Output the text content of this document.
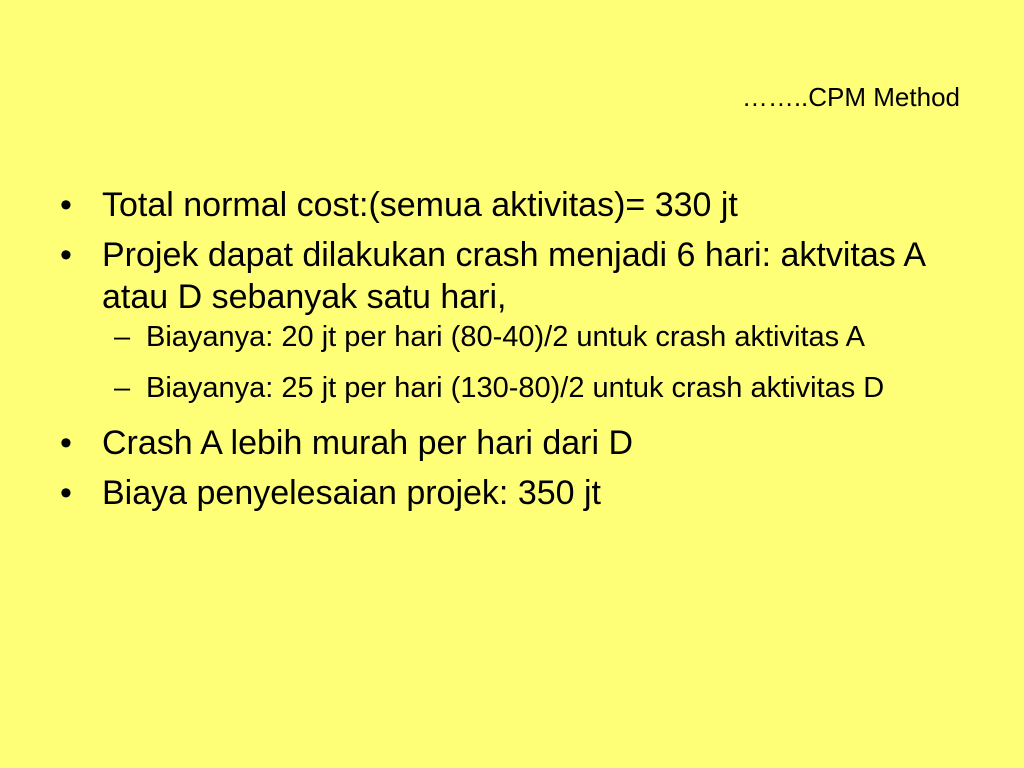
……..CPM Method
• Total normal cost:(semua aktivitas)= 330 jt
• Projek dapat dilakukan crash menjadi 6 hari: aktvitas A atau D sebanyak satu hari,
– Biayanya: 20 jt per hari (80-40)/2 untuk crash aktivitas A
– Biayanya: 25 jt per hari (130-80)/2 untuk crash aktivitas D
• Crash A lebih murah per hari dari D
• Biaya penyelesaian projek: 350 jt
